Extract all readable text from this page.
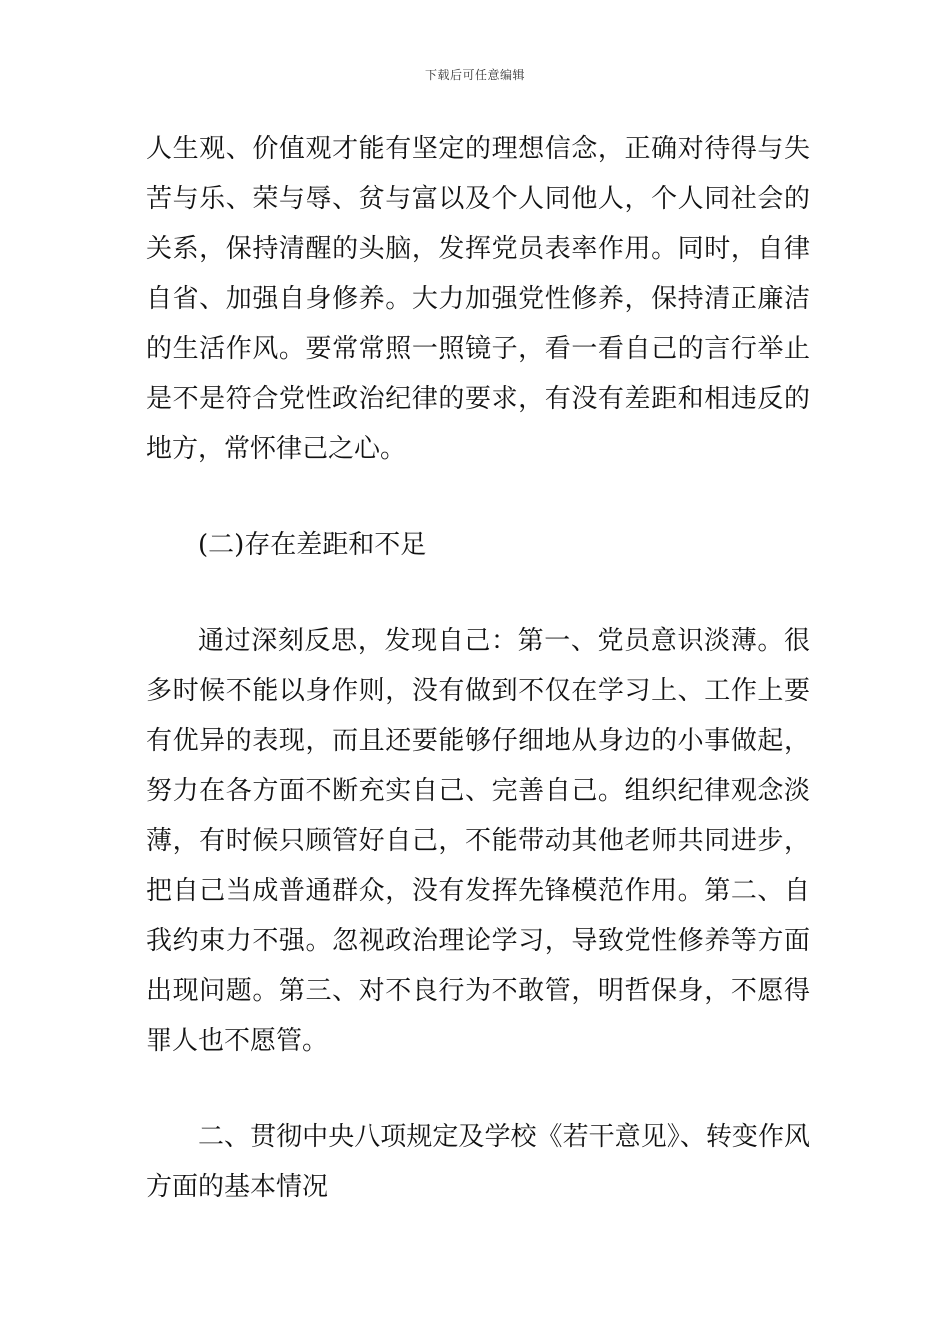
下载后可任意编辑

人生观、价值观才能有坚定的理想信念，正确对待得与失苦与乐、荣与辱、贫与富以及个人同他人，个人同社会的关系，保持清醒的头脑，发挥党员表率作用。同时，自律自省、加强自身修养。大力加强党性修养，保持清正廉洁的生活作风。要常常照一照镜子，看一看自己的言行举止是不是符合党性政治纪律的要求，有没有差距和相违反的地方，常怀律己之心。

(二)存在差距和不足

通过深刻反思，发现自己：第一、党员意识淡薄。很多时候不能以身作则，没有做到不仅在学习上、工作上要有优异的表现，而且还要能够仔细地从身边的小事做起，努力在各方面不断充实自己、完善自己。组织纪律观念淡薄，有时候只顾管好自己，不能带动其他老师共同进步，把自己当成普通群众，没有发挥先锋模范作用。第二、自我约束力不强。忽视政治理论学习，导致党性修养等方面出现问题。第三、对不良行为不敢管，明哲保身，不愿得罪人也不愿管。

二、贯彻中央八项规定及学校《若干意见》、转变作风方面的基本情况
